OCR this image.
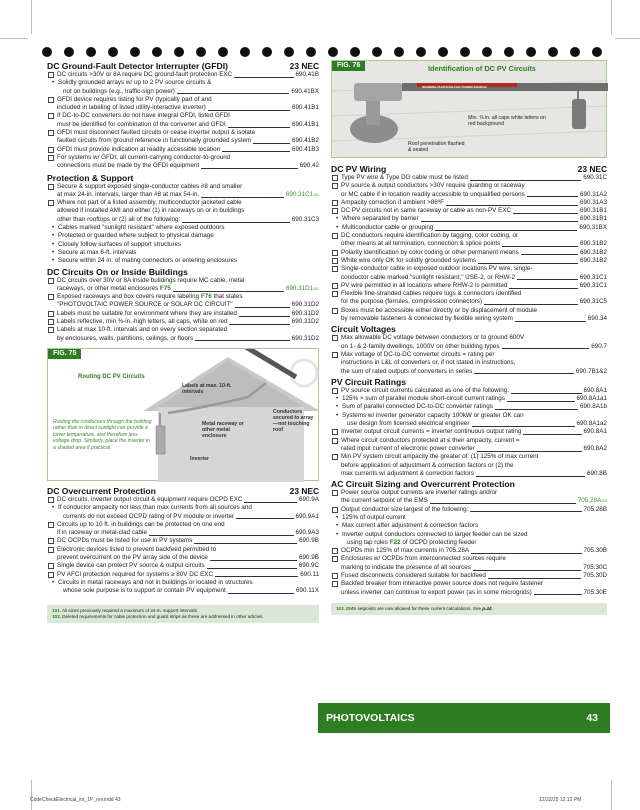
DC Ground-Fault Detector Interrupter (GFDI)	23 NEC
DC circuits >30V or 8A require DC ground-fault protection EXC	690.41B
• Solidly grounded arrays w/ up to 2 PV source circuits &
not on buildings (e.g., traffic-sign power)	690.41BX
GFDI device requires listing for PV (typically part of and
included in labeling of listed utility-interactive inverter)	690.41B1
If DC-to-DC converters do not have integral GFDI, listed GFDI
must be identified for combination of the converter and GFDI	690.41B1
GFDI must disconnect faulted circuits or cease inverter output & isolate
faulted circuits from ground reference in functionally grounded system	690.41B2
GFDI must provide indication at readily accessible location	690.41B3
For systems w/ GFDI, all current-carrying conductor-to-ground
connections must be made by the GFDI equipment	690.42
Protection & Support
Secure & support exposed single-conductor cables #8 and smaller
at max 24-in. intervals, larger than #8 at max 54-in.	$690.31C1^{101}$
Where not part of a listed assembly, multiconductor jacketed cable
allowed if installed AMI and either (1) in raceways on or in buildings
other than rooftops or (2) all of the following:	690.31C3
• Cables marked "sunlight resistant" where exposed outdoors
• Protected or guarded where subject to physical damage
• Closely follow surfaces of support structures
• Secure at max 6-ft. intervals
• Secure within 24 in. of mating connectors or entering enclosures
DC Circuits On or Inside Buildings
DC circuits over 30V or 8A inside buildings require MC cable, metal
raceways, or other metal enclosures F75	$690.31D1^{102}$
Exposed raceways and box covers require labeling F76 that states
"PHOTOVOLTAIC POWER SOURCE or SOLAR DC CIRCUIT"	690.31D2
Labels must be suitable for environment where they are installed	690.31D2
Labels reflective, min ⅜-in.-high letters, all caps, white on red	690.31D2
Labels at max 10-ft. intervals and on every section separated
by enclosures, walls, partitions, ceilings, or floors	690.31D2
FIG. 75
Routing DC PV Circuits
Labels at max. 10-ft. intervals
Metal raceway or other metal enclosure
Conductors secured to array—not touching roof
Inverter
Routing the conductors through the building rather than in direct sunlight can provide a lower temperature, and therefore less voltage drop. Similarly, place the inverter in a shaded area if practical.
DC Overcurrent Protection	23 NEC
DC circuits, inverter output circuit & equipment require OCPD EXC	690.9A
• If conductor ampacity not less than max currents from all sources and
currents do not exceed OCPD rating of PV module or inverter	690.9A1
Circuits up to 10 ft. in buildings can be protected on one end
if in raceway or metal-clad cable	690.9A3
DC OCPDs must be listed for use in PV systems	690.9B
Electronic devices listed to prevent backfeed permitted to
prevent overcurrent on the PV array side of the device	690.9B
Single device can protect PV source & output circuits	690.9C
PV AFCI protection required for systems ≥ 80V DC EXC	690.11
• Circuits in metal raceways and not in buildings or located in structures
whose sole purpose is to support or contain PV equipment	690.11X
101. All sizes previously required a maximum of 24-in. support intervals.
102. Deleted requirements for cable protection and guard strips as these are addressed in other articles.
FIG. 76	Identification of DC PV Circuits
WARNING PHOTOVOLTAIC POWER SOURCE
Min. ⅜ in. all caps white letters on red background
Roof penetration flashed & sealed
DC PV Wiring	23 NEC
Type PV wire & Type DG cable must be listed	690.31C
PV source & output conductors >30V require guarding or raceway
or MC cable if in location readily accessible to unqualified persons	690.31A2
Ampacity correction if ambient >86ºF	690.31A3
DC PV circuits not in same raceway or cable as non-PV EXC	690.31B1
• Where separated by barrier	690.31B1
• Multiconductor cable or grouping	690.31BX
DC conductors require identification by tagging, color coding, or
other means at all termination, connection & splice points	690.31B2
Polarity identification by color coding or other permanent means	690.31B2
White wire only OK for solidly grounded systems	690.31B2
Single-conductor cable in exposed outdoor locations PV wire, single-
conductor cable marked "sunlight resistant," USE-2, or RHW-2	690.31C1
PV wire permitted in all locations where RHW-2 is permitted	690.31C1
Flexible fine-stranded cables require lugs & connectors identified
for the purpose (ferrules, compression connectors)	690.31C5
Boxes must be accessible either directly or by displacement of module
by removable fasteners & connected by flexible wiring system	690.34
Circuit Voltages
Max allowable DC voltage between conductors or to ground 600V
on 1- & 2-family dwellings, 1000V on other building types	690.7
Max voltage of DC-to-DC converter circuits = rating per
instructions in L&L of converters or, if not stated in instructions,
the sum of rated outputs of converters in series	690.7B1&2
PV Circuit Ratings
PV source circuit currents calculated as one of the following:	690.8A1
• 125% × sum of parallel module short-circuit current ratings	690.8A1a1
• Sum of parallel connected DC-to-DC converter ratings	690.8A1b
• Systems w/ inverter generator capacity 100kW or greater OK can
use design from licensed electrical engineer	690.8A1a2
Inverter output circuit currents = inverter continuous output rating	690.8A1
Where circuit conductors protected at ≤ their ampacity, current =
rated input current of electronic power converter	690.8A2
Min PV system circuit ampacity the greater of: (1) 125% of max current
before application of adjustment & correction factors or (2) the
max currents w/ adjustment & correction factors	690.8B
AC Circuit Sizing and Overcurrent Protection
Power source output currents are inverter ratings and/or
the current setpoint of the EMS	$705.28A^{103}$
Output conductor size largest of the following:	705.28B
• 125% of output current
• Max current after adjustment & correction factors
• Inverter output conductors connected to larger feeder can be sized
using tap rules F22 of OCPD protecting feeder
OCPDs min 125% of max currents in 705.28A	705.30B
Enclosures w/ OCPDs from interconnected sources require
marking to indicate the presence of all sources	705.30C
Fused disconnects considered suitable for backfeed	705.30D
Backfed breaker from interactive power source does not require fastener
unless inverter can continue to export power (as in some microgrids)	705.30E
103. EMS setpoints are now allowed for these current calculations. See p.44.
PHOTOVOLTAICS	43
CodeCheckElectrical_int_1P_rev.indd 43	12/22/25 12:12 PM
